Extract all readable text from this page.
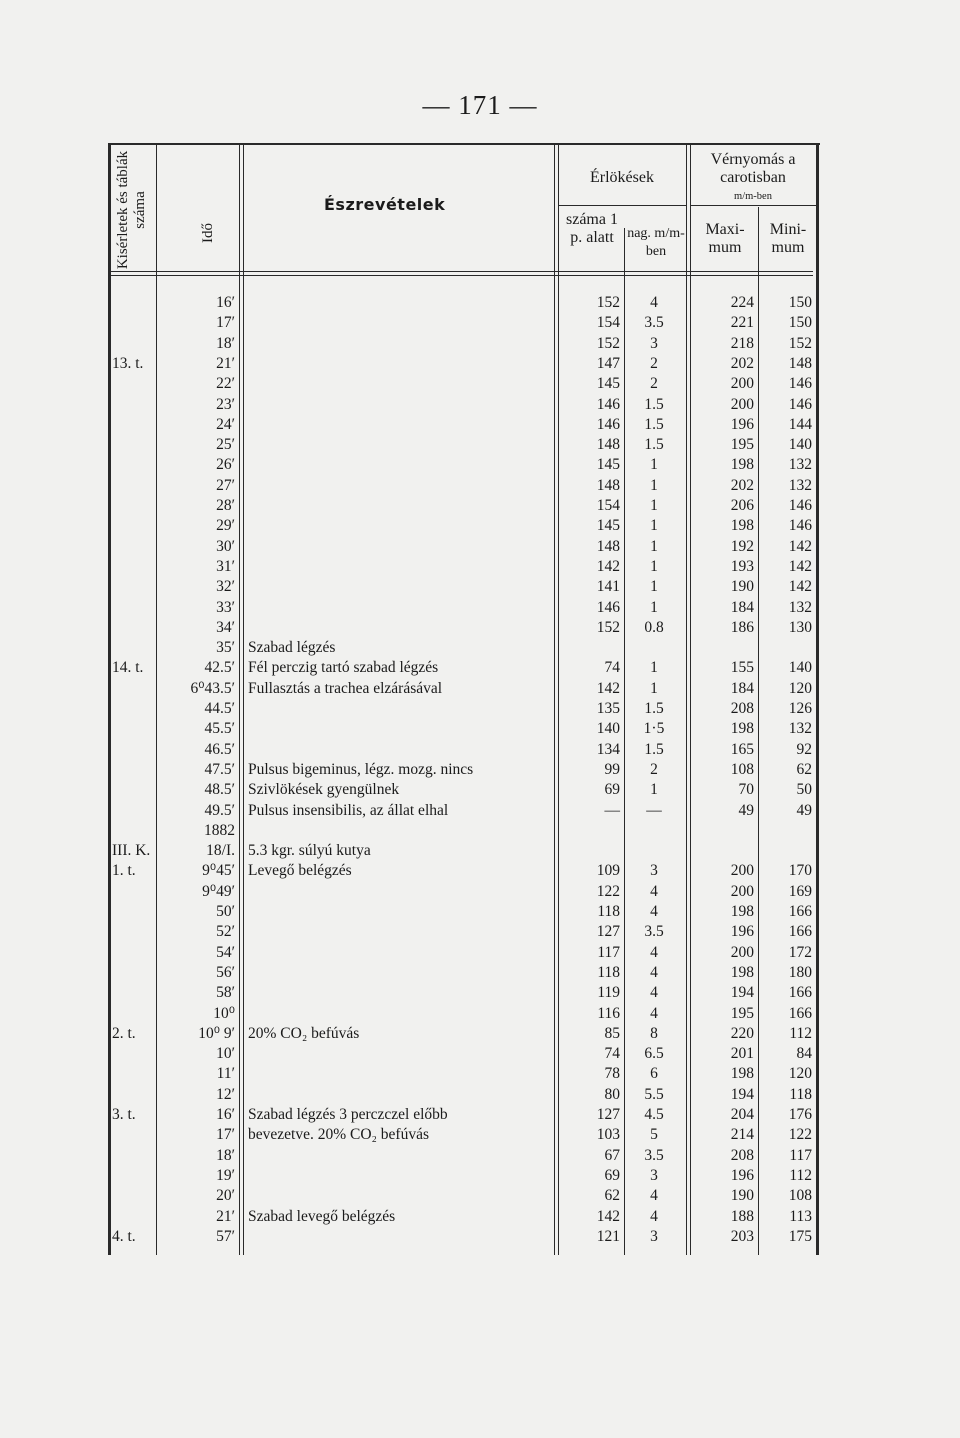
— 171 —
Kisérletek és táblák száma
Idő
Észrevételek
Érlökések
száma 1 p. alatt nag. m/m-ben
Vérnyomás a carotisban
m/m-ben
Maxi- mum
Mini- mum
16′	152	4	224	150
17′	154	3.5	221	150
18′	152	3	218	152
13. t.	21′	147	2	202	148
22′	145	2	200	146
23′	146	1.5	200	146
24′	146	1.5	196	144
25′	148	1.5	195	140
26′	145	1	198	132
27′	148	1	202	132
28′	154	1	206	146
29′	145	1	198	146
30′	148	1	192	142
31′	142	1	193	142
32′	141	1	190	142
33′	146	1	184	132
34′	152	0.8	186	130
35′ Szabad légzés
14. t.	42.5′ Fél perczig tartó szabad légzés	74	1	155	140
6⁰43.5′ Fullasztás a trachea elzárásával	142	1	184	120
44.5′	135	1.5	208	126
45.5′	140	1·5	198	132
46.5′	134	1.5	165	92
47.5′ Pulsus bigeminus, légz. mozg. nincs	99	2	108	62
48.5′ Szivlökések gyengülnek	69	1	70	50
49.5′ Pulsus insensibilis, az állat elhal	—	—	49	49
1882
III. K.	18/I. 5.3 kgr. súlyú kutya
1. t.	9⁰45′ Levegő belégzés	109	3	200	170
9⁰49′	122	4	200	169
50′	118	4	198	166
52′	127	3.5	196	166
54′	117	4	200	172
56′	118	4	198	180
58′	119	4	194	166
10⁰	116	4	195	166
2. t.	10⁰ 9′ 20% CO₂ befúvás	85	8	220	112
10′	74	6.5	201	84
11′	78	6	198	120
12′	80	5.5	194	118
3. t.	16′ Szabad légzés 3 perczczel előbb	127	4.5	204	176
17′ bevezetve. 20% CO₂ befúvás	103	5	214	122
18′	67	3.5	208	117
19′	69	3	196	112
20′	62	4	190	108
21′ Szabad levegő belégzés	142	4	188	113
4. t.	57′	121	3	203	175
